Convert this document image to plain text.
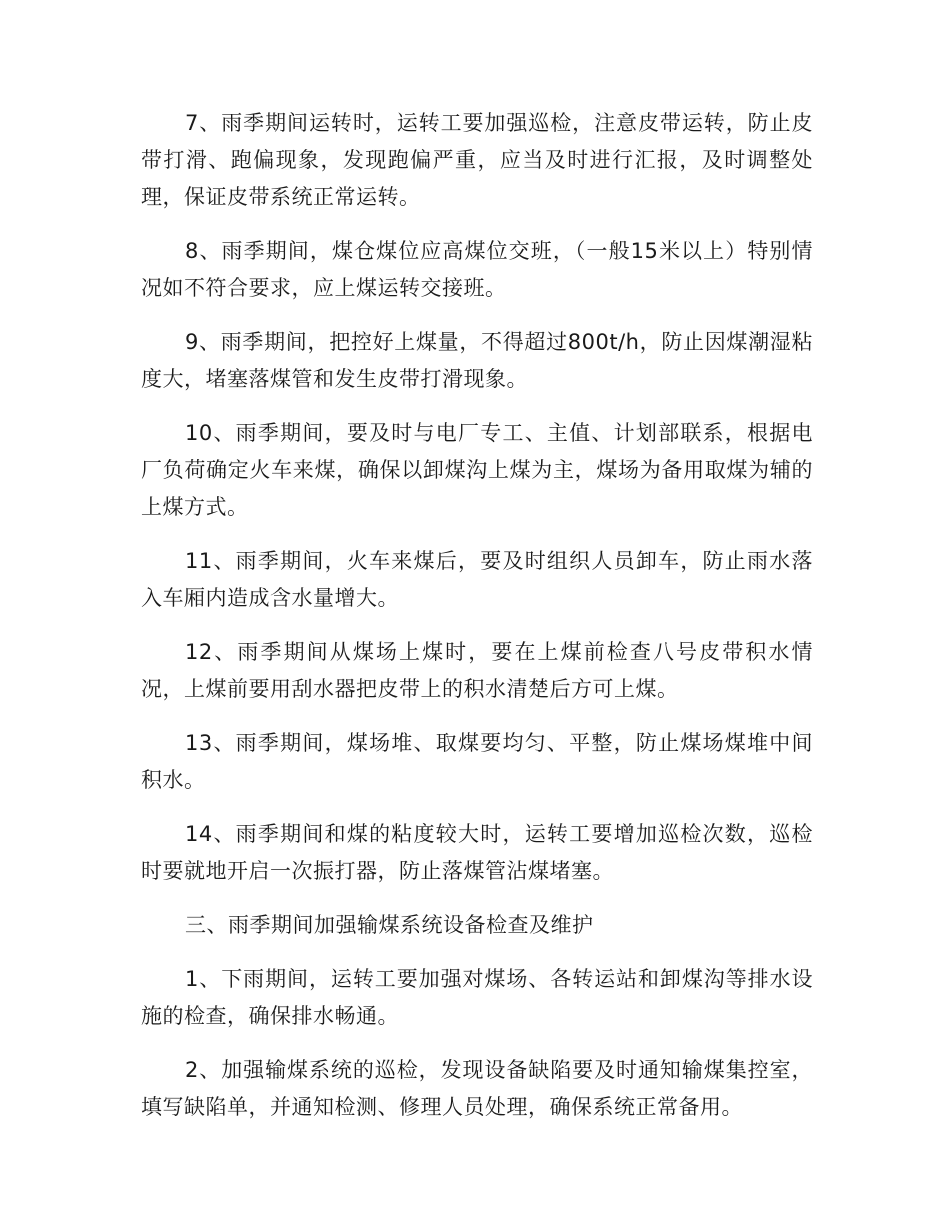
7、雨季期间运转时，运转工要加强巡检，注意皮带运转，防止皮带打滑、跑偏现象，发现跑偏严重，应当及时进行汇报，及时调整处理，保证皮带系统正常运转。

8、雨季期间，煤仓煤位应高煤位交班，（一般15米以上）特别情况如不符合要求，应上煤运转交接班。

9、雨季期间，把控好上煤量，不得超过800t/h，防止因煤潮湿粘度大，堵塞落煤管和发生皮带打滑现象。

10、雨季期间，要及时与电厂专工、主值、计划部联系，根据电厂负荷确定火车来煤，确保以卸煤沟上煤为主，煤场为备用取煤为辅的上煤方式。

11、雨季期间，火车来煤后，要及时组织人员卸车，防止雨水落入车厢内造成含水量增大。

12、雨季期间从煤场上煤时，要在上煤前检查八号皮带积水情况，上煤前要用刮水器把皮带上的积水清楚后方可上煤。

13、雨季期间，煤场堆、取煤要均匀、平整，防止煤场煤堆中间积水。

14、雨季期间和煤的粘度较大时，运转工要增加巡检次数，巡检时要就地开启一次振打器，防止落煤管沾煤堵塞。

三、雨季期间加强输煤系统设备检查及维护

1、下雨期间，运转工要加强对煤场、各转运站和卸煤沟等排水设施的检查，确保排水畅通。

2、加强输煤系统的巡检，发现设备缺陷要及时通知输煤集控室，填写缺陷单，并通知检测、修理人员处理，确保系统正常备用。
